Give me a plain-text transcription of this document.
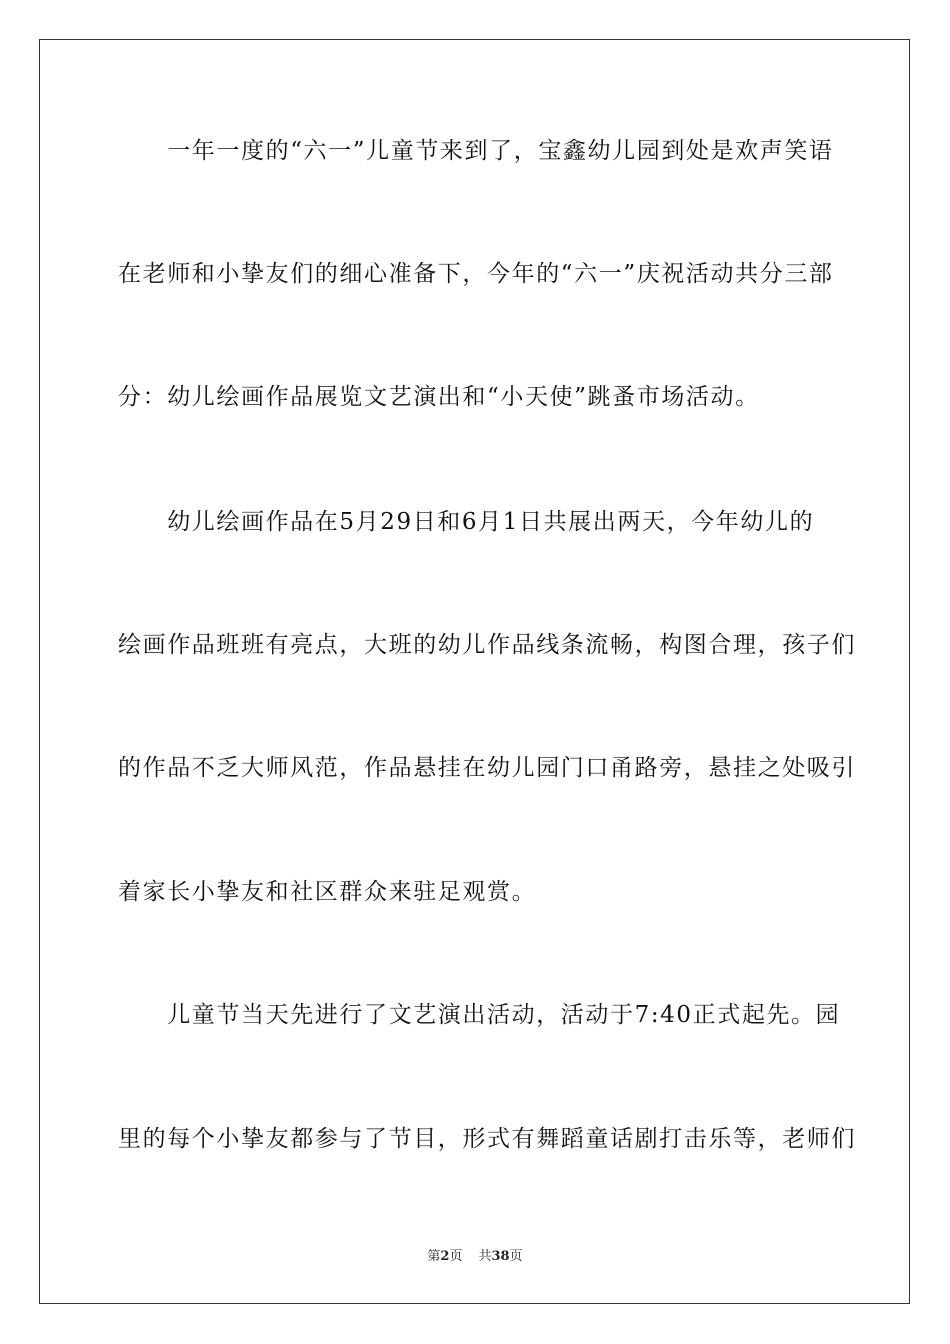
　　一年一度的“六一”儿童节来到了，宝鑫幼儿园到处是欢声笑语
在老师和小挚友们的细心准备下，今年的“六一”庆祝活动共分三部
分：幼儿绘画作品展览文艺演出和“小天使”跳蚤市场活动。
　　幼儿绘画作品在5月29日和6月1日共展出两天，今年幼儿的
绘画作品班班有亮点，大班的幼儿作品线条流畅，构图合理，孩子们
的作品不乏大师风范，作品悬挂在幼儿园门口甬路旁，悬挂之处吸引
着家长小挚友和社区群众来驻足观赏。
　　儿童节当天先进行了文艺演出活动，活动于7:40正式起先。园
里的每个小挚友都参与了节目，形式有舞蹈童话剧打击乐等，老师们
第2页 共38页
